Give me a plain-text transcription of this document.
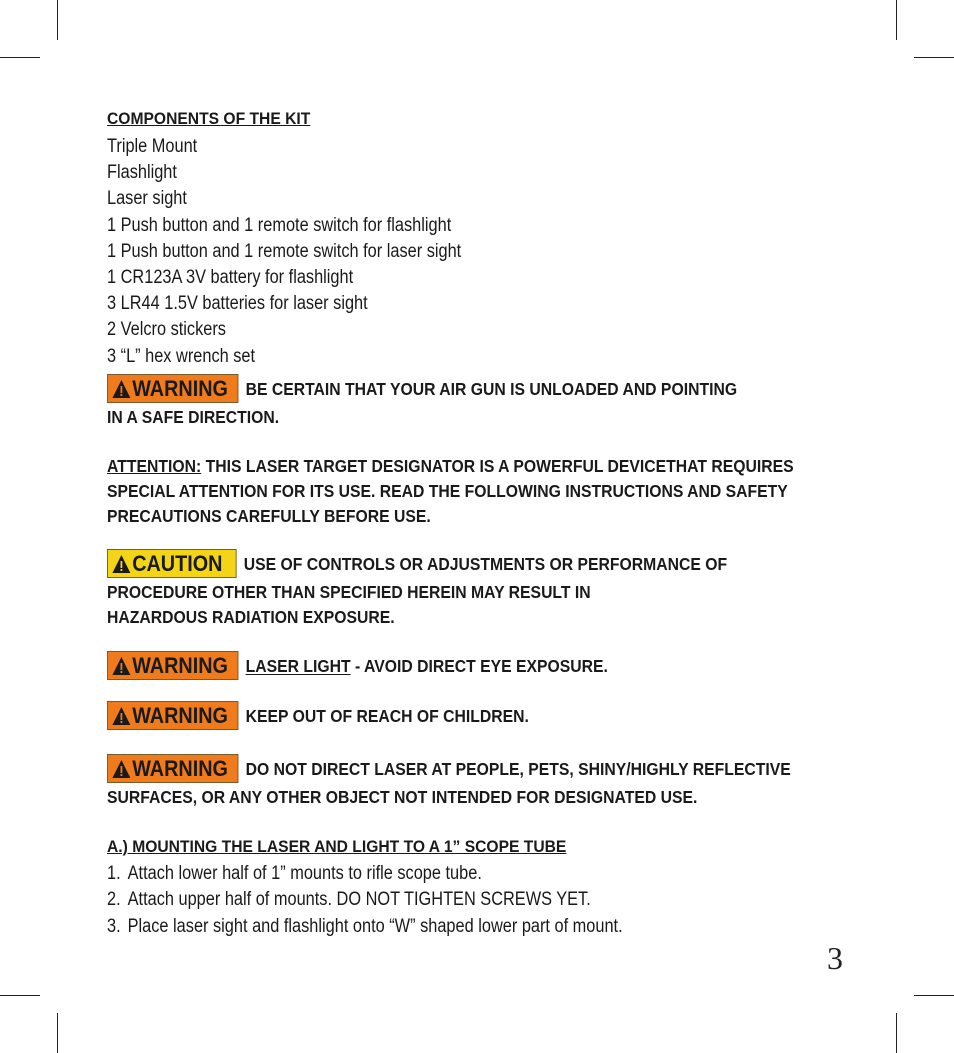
COMPONENTS OF THE KIT
Triple Mount
Flashlight
Laser sight
1 Push button and 1 remote switch for flashlight
1 Push button and 1 remote switch for laser sight
1 CR123A 3V battery for flashlight
3 LR44 1.5V batteries for laser sight
2 Velcro stickers
3 “L” hex wrench set
WARNING BE CERTAIN THAT YOUR AIR GUN IS UNLOADED AND POINTING
IN A SAFE DIRECTION.
ATTENTION: THIS LASER TARGET DESIGNATOR IS A POWERFUL DEVICETHAT REQUIRES SPECIAL ATTENTION FOR ITS USE. READ THE FOLLOWING INSTRUCTIONS AND SAFETY PRECAUTIONS CAREFULLY BEFORE USE.
CAUTION USE OF CONTROLS OR ADJUSTMENTS OR PERFORMANCE OF
PROCEDURE OTHER THAN SPECIFIED HEREIN MAY RESULT IN
HAZARDOUS RADIATION EXPOSURE.
WARNING LASER LIGHT - AVOID DIRECT EYE EXPOSURE.
WARNING KEEP OUT OF REACH OF CHILDREN.
WARNING DO NOT DIRECT LASER AT PEOPLE, PETS, SHINY/HIGHLY REFLECTIVE
SURFACES, OR ANY OTHER OBJECT NOT INTENDED FOR DESIGNATED USE.
A.) MOUNTING THE LASER AND LIGHT TO A 1” SCOPE TUBE
1. Attach lower half of 1” mounts to rifle scope tube.
2. Attach upper half of mounts. DO NOT TIGHTEN SCREWS YET.
3. Place laser sight and flashlight onto “W” shaped lower part of mount.
3
